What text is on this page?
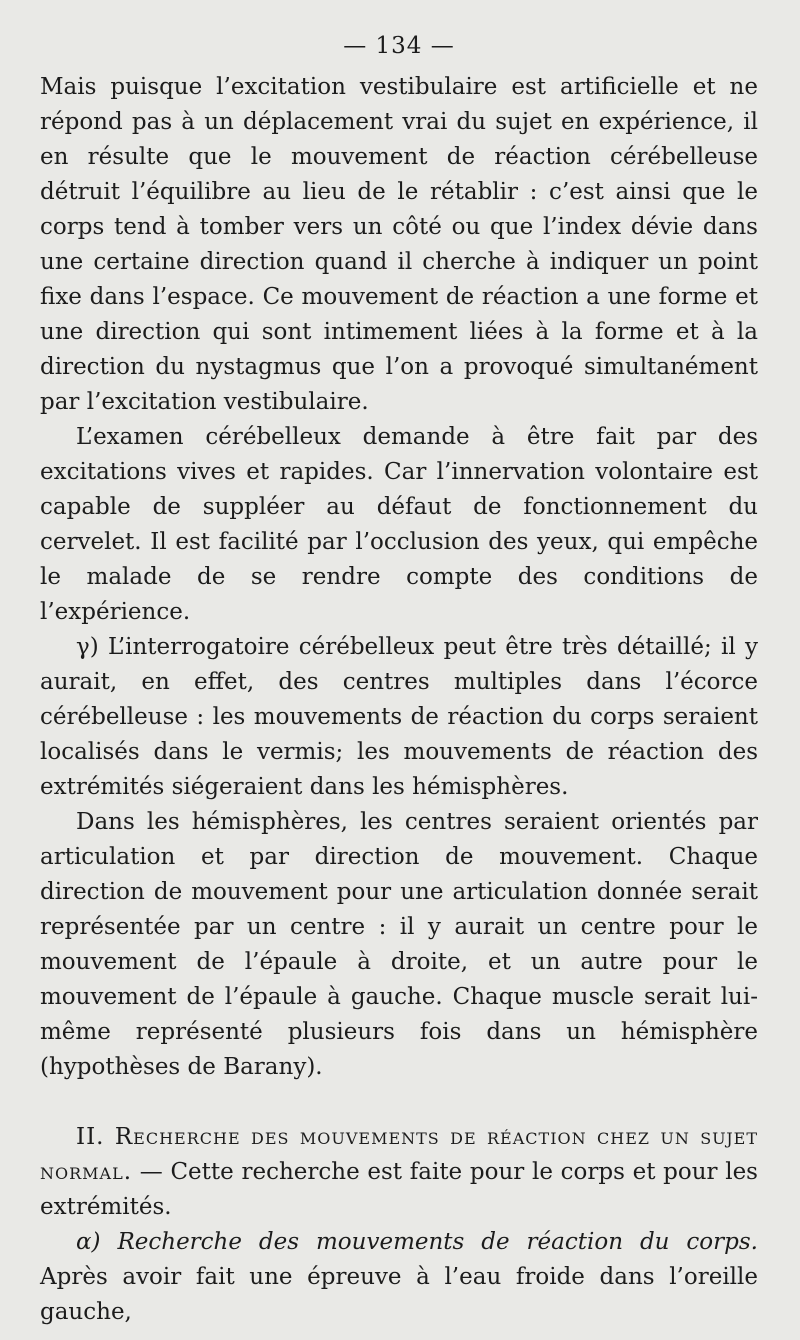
— 134 —

Mais puisque l’excitation vestibulaire est artificielle et ne répond pas à un déplacement vrai du sujet en expérience, il en résulte que le mouvement de réaction cérébelleuse détruit l’équilibre au lieu de le rétablir : c’est ainsi que le corps tend à tomber vers un côté ou que l’index dévie dans une certaine direction quand il cherche à indiquer un point fixe dans l’espace. Ce mouvement de réaction a une forme et une direction qui sont intimement liées à la forme et à la direction du nystagmus que l’on a provoqué simultanément par l’excitation vestibulaire.

L’examen cérébelleux demande à être fait par des excitations vives et rapides. Car l’innervation volontaire est capable de suppléer au défaut de fonctionnement du cervelet. Il est facilité par l’occlusion des yeux, qui empêche le malade de se rendre compte des conditions de l’expérience.

γ) L’interrogatoire cérébelleux peut être très détaillé; il y aurait, en effet, des centres multiples dans l’écorce cérébelleuse : les mouvements de réaction du corps seraient localisés dans le vermis; les mouvements de réaction des extrémités siégeraient dans les hémisphères.

Dans les hémisphères, les centres seraient orientés par articulation et par direction de mouvement. Chaque direction de mouvement pour une articulation donnée serait représentée par un centre : il y aurait un centre pour le mouvement de l’épaule à droite, et un autre pour le mouvement de l’épaule à gauche. Chaque muscle serait lui-même représenté plusieurs fois dans un hémisphère (hypothèses de Barany).

II. Recherche des mouvements de réaction chez un sujet normal. — Cette recherche est faite pour le corps et pour les extrémités.

α) Recherche des mouvements de réaction du corps. Après avoir fait une épreuve à l’eau froide dans l’oreille gauche,
